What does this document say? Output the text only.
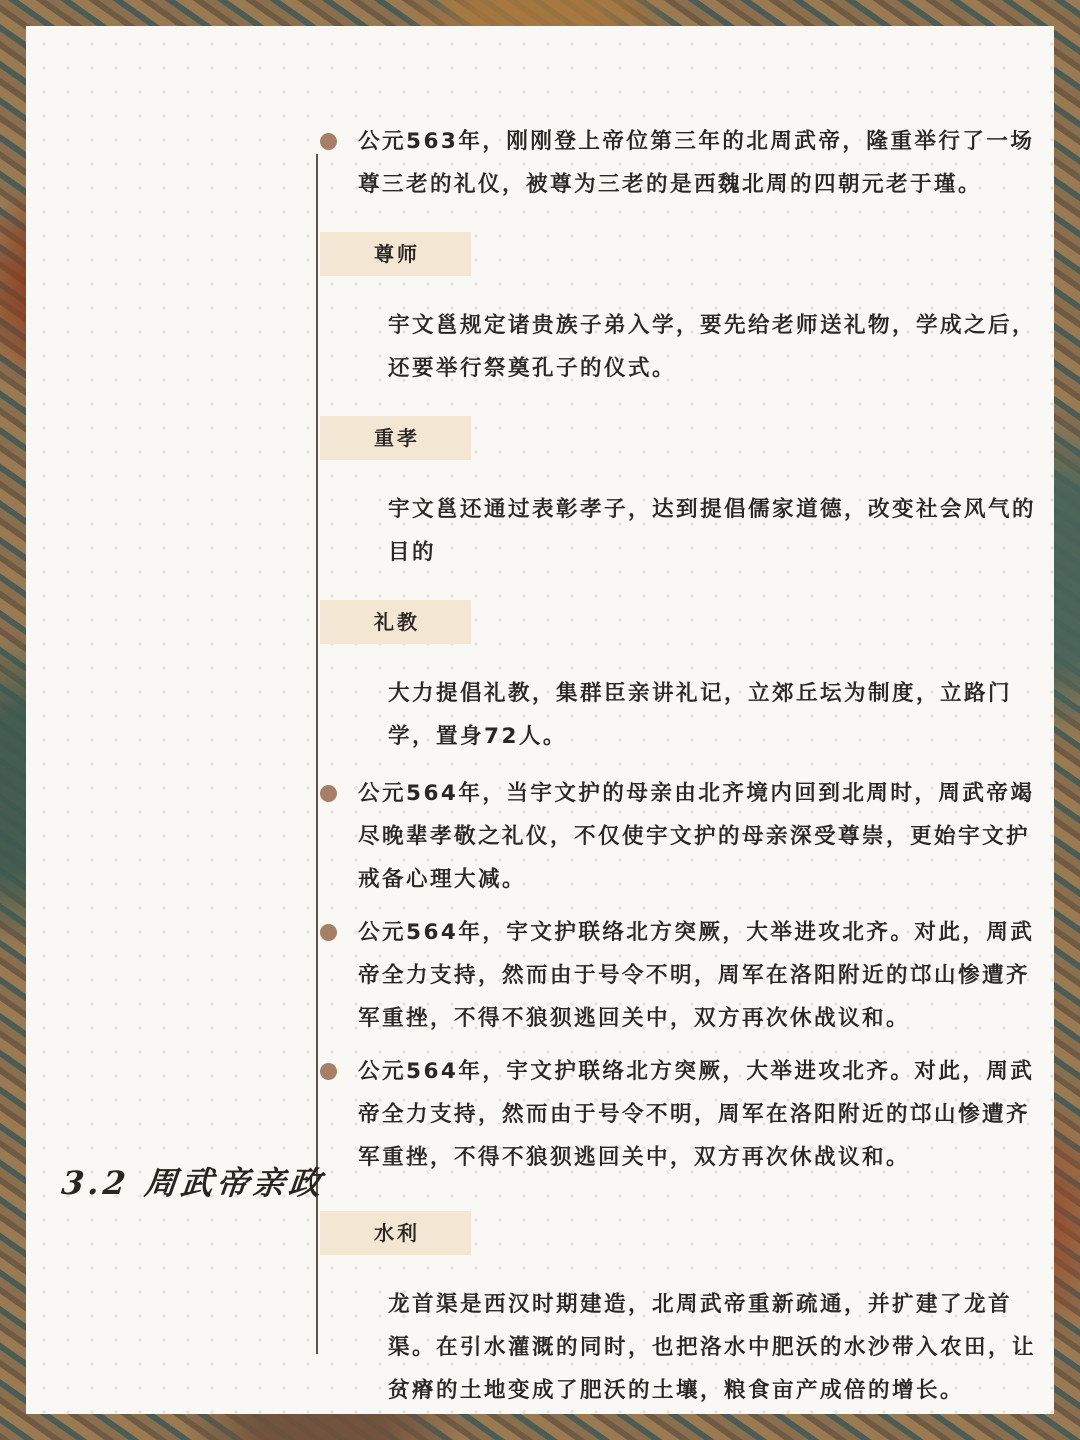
3.2 周武帝亲政
公元563年，刚刚登上帝位第三年的北周武帝，隆重举行了一场尊三老的礼仪，被尊为三老的是西魏北周的四朝元老于瑾。
尊师

宇文邕规定诸贵族子弟入学，要先给老师送礼物，学成之后，还要举行祭奠孔子的仪式。

重孝

宇文邕还通过表彰孝子，达到提倡儒家道德，改变社会风气的目的

礼教

大力提倡礼教，集群臣亲讲礼记，立郊丘坛为制度，立路门学，置身72人。

公元564年，当宇文护的母亲由北齐境内回到北周时，周武帝竭尽晚辈孝敬之礼仪，不仅使宇文护的母亲深受尊崇，更始宇文护戒备心理大减。
公元564年，宇文护联络北方突厥，大举进攻北齐。对此，周武帝全力支持，然而由于号令不明，周军在洛阳附近的邙山惨遭齐军重挫，不得不狼狈逃回关中，双方再次休战议和。
公元564年，宇文护联络北方突厥，大举进攻北齐。对此，周武帝全力支持，然而由于号令不明，周军在洛阳附近的邙山惨遭齐军重挫，不得不狼狈逃回关中，双方再次休战议和。
水利

龙首渠是西汉时期建造，北周武帝重新疏通，并扩建了龙首渠。在引水灌溉的同时，也把洛水中肥沃的水沙带入农田，让贫瘠的土地变成了肥沃的土壤，粮食亩产成倍的增长。
